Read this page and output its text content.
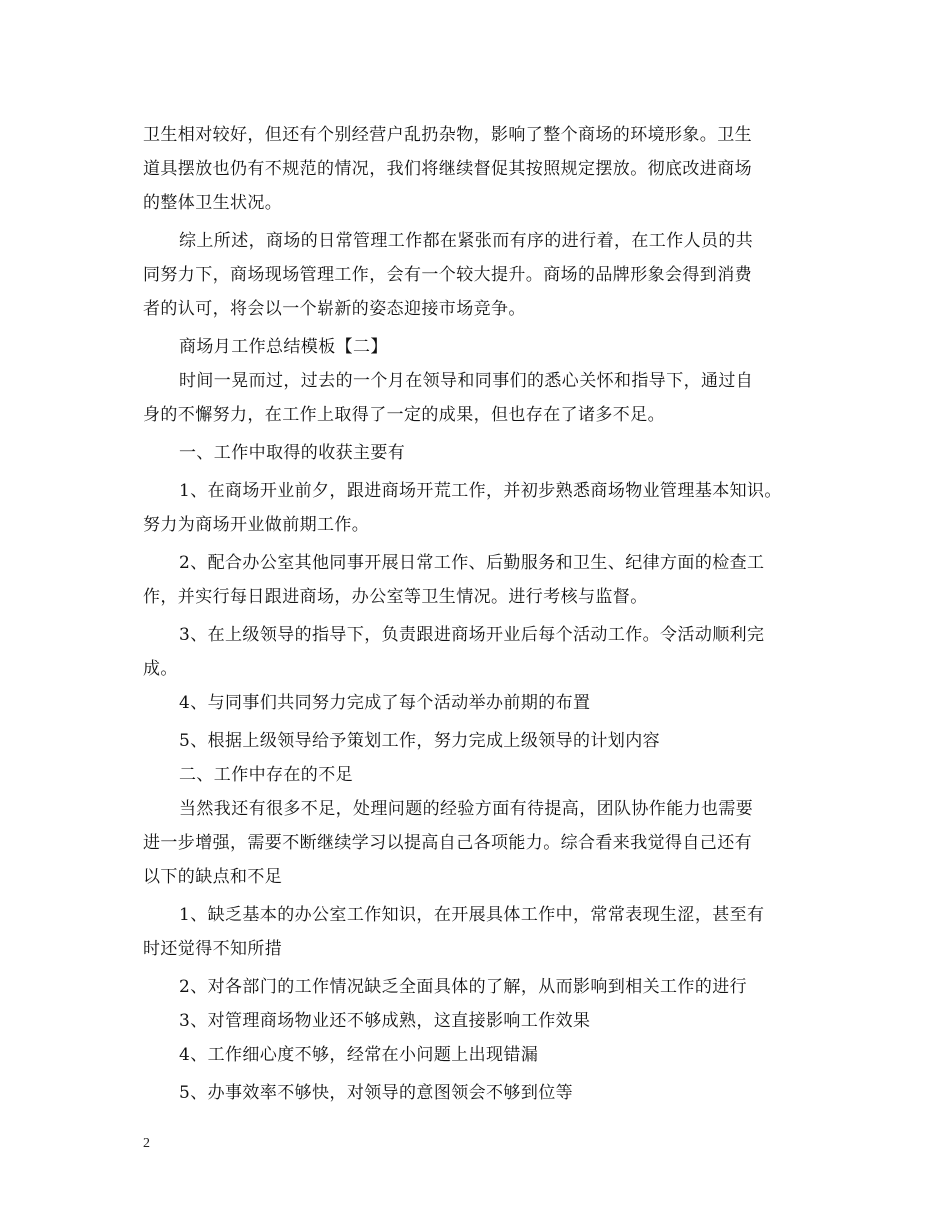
卫生相对较好，但还有个别经营户乱扔杂物，影响了整个商场的环境形象。卫生
道具摆放也仍有不规范的情况，我们将继续督促其按照规定摆放。彻底改进商场
的整体卫生状况。
综上所述，商场的日常管理工作都在紧张而有序的进行着，在工作人员的共
同努力下，商场现场管理工作，会有一个较大提升。商场的品牌形象会得到消费
者的认可，将会以一个崭新的姿态迎接市场竞争。
商场月工作总结模板【二】
时间一晃而过，过去的一个月在领导和同事们的悉心关怀和指导下，通过自
身的不懈努力，在工作上取得了一定的成果，但也存在了诸多不足。
一、工作中取得的收获主要有
1、在商场开业前夕，跟进商场开荒工作，并初步熟悉商场物业管理基本知识。
努力为商场开业做前期工作。
2、配合办公室其他同事开展日常工作、后勤服务和卫生、纪律方面的检查工
作，并实行每日跟进商场，办公室等卫生情况。进行考核与监督。
3、在上级领导的指导下，负责跟进商场开业后每个活动工作。令活动顺利完
成。
4、与同事们共同努力完成了每个活动举办前期的布置
5、根据上级领导给予策划工作，努力完成上级领导的计划内容
二、工作中存在的不足
当然我还有很多不足，处理问题的经验方面有待提高，团队协作能力也需要
进一步增强，需要不断继续学习以提高自己各项能力。综合看来我觉得自己还有
以下的缺点和不足
1、缺乏基本的办公室工作知识，在开展具体工作中，常常表现生涩，甚至有
时还觉得不知所措
2、对各部门的工作情况缺乏全面具体的了解，从而影响到相关工作的进行
3、对管理商场物业还不够成熟，这直接影响工作效果
4、工作细心度不够，经常在小问题上出现错漏
5、办事效率不够快，对领导的意图领会不够到位等
2
